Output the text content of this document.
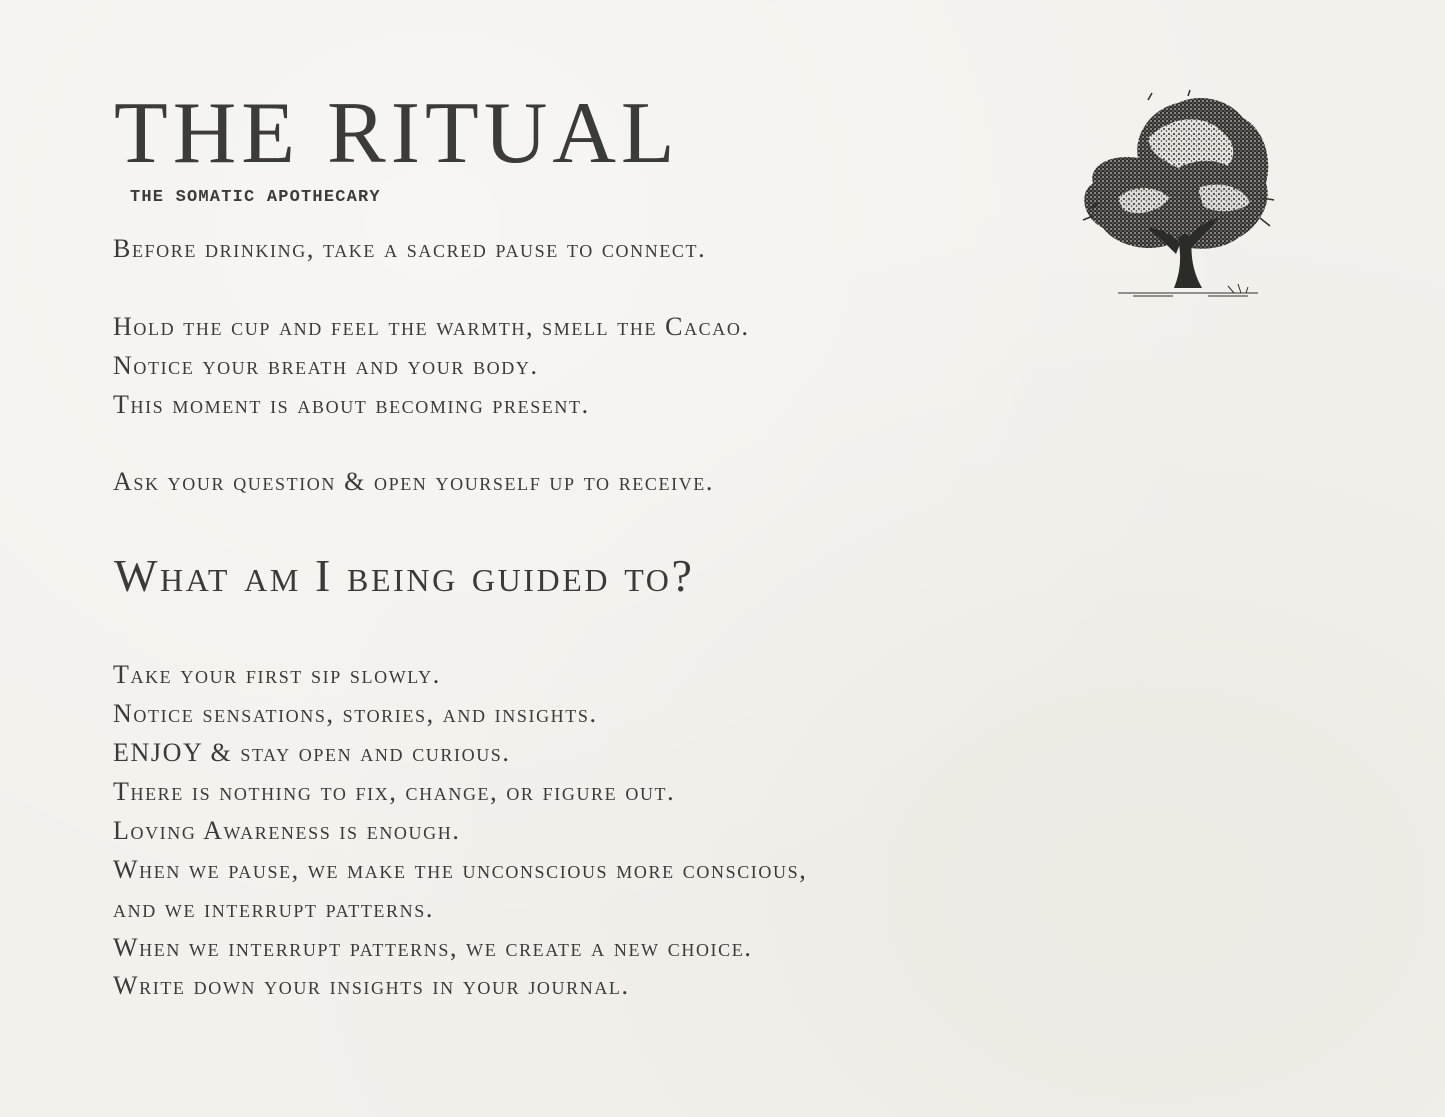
THE RITUAL
THE SOMATIC APOTHECARY

Before drinking, take a sacred pause to connect.

Hold the cup and feel the warmth, smell the Cacao.

Notice your breath and your body.

This moment is about becoming present.

Ask your question & open yourself up to receive.

What am I being guided to?

Take your first sip slowly.

Notice sensations, stories, and insights.

ENJOY & stay open and curious.

There is nothing to fix, change, or figure out.

Loving Awareness is enough.

When we pause, we make the unconscious more conscious,

and we interrupt patterns.

When we interrupt patterns, we create a new choice.

Write down your insights in your journal.
